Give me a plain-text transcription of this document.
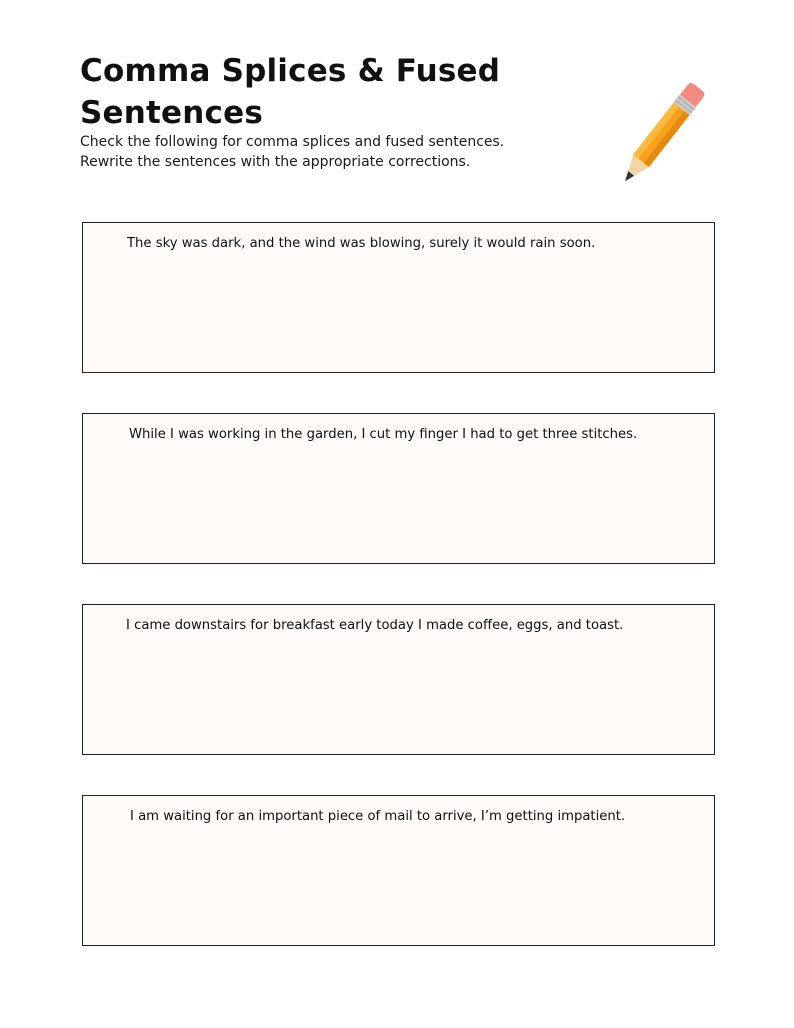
Comma Splices & Fused Sentences
Check the following for comma splices and fused sentences.
Rewrite the sentences with the appropriate corrections.
The sky was dark, and the wind was blowing, surely it would rain soon.
While I was working in the garden, I cut my finger I had to get three stitches.
I came downstairs for breakfast early today I made coffee, eggs, and toast.
I am waiting for an important piece of mail to arrive, I’m getting impatient.
